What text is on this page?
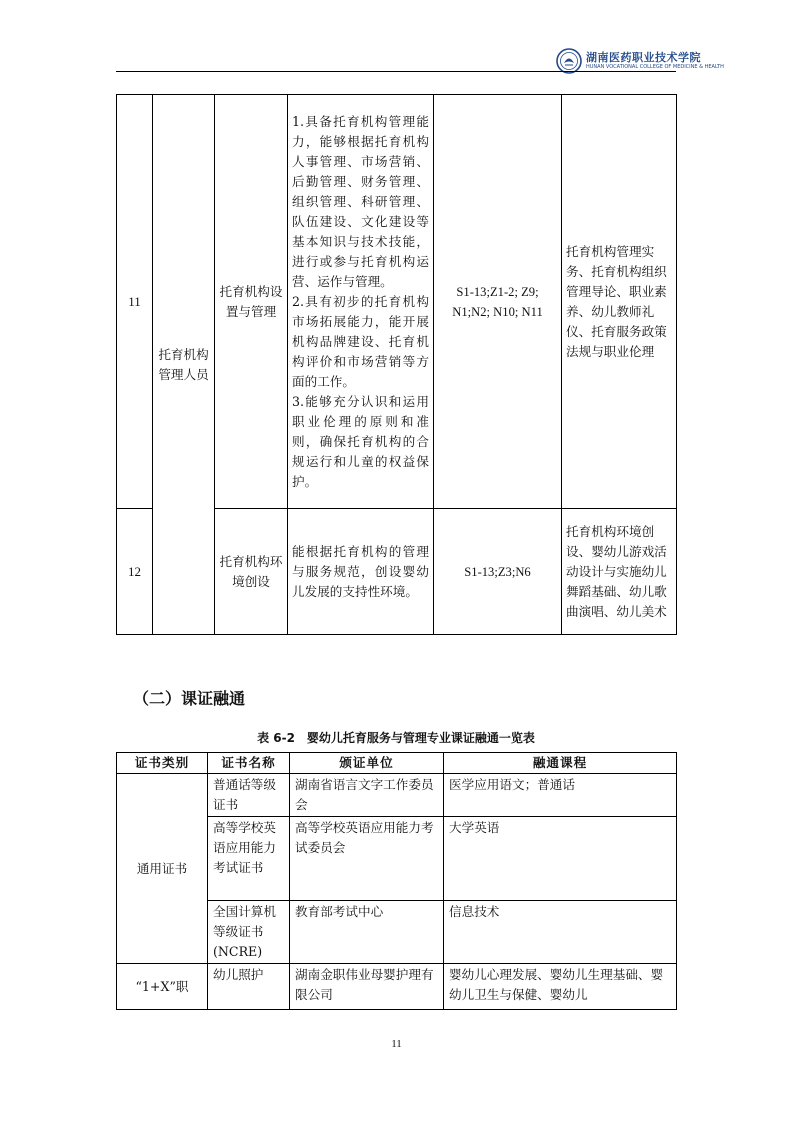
湖南医药职业技术学院
HUNAN VOCATIONAL COLLEGE OF MEDICINE & HEALTH
11	托育机构管理人员	托育机构设置与管理	1.具备托育机构管理能力，能够根据托育机构人事管理、市场营销、后勤管理、财务管理、组织管理、科研管理、队伍建设、文化建设等基本知识与技术技能，进行或参与托育机构运营、运作与管理。
2.具有初步的托育机构市场拓展能力，能开展机构品牌建设、托育机构评价和市场营销等方面的工作。
3.能够充分认识和运用职业伦理的原则和准则，确保托育机构的合规运行和儿童的权益保护。	S1-13;Z1-2; Z9; N1;N2; N10; N11	托育机构管理实务、托育机构组织管理导论、职业素养、幼儿教师礼仪、托育服务政策法规与职业伦理
12		托育机构环境创设	能根据托育机构的管理与服务规范，创设婴幼儿发展的支持性环境。	S1-13;Z3;N6	托育机构环境创设、婴幼儿游戏活动设计与实施幼儿舞蹈基础、幼儿歌曲演唱、幼儿美术
（二）课证融通
表 6-2　婴幼儿托育服务与管理专业课证融通一览表
证书类别	证书名称	颁证单位	融通课程
通用证书	普通话等级证书	湖南省语言文字工作委员会	医学应用语文；普通话
	高等学校英语应用能力考试证书	高等学校英语应用能力考试委员会	大学英语
	全国计算机等级证书(NCRE)	教育部考试中心	信息技术
“1+X”职	幼儿照护	湖南金职伟业母婴护理有限公司	婴幼儿心理发展、婴幼儿生理基础、婴幼儿卫生与保健、婴幼儿
11
